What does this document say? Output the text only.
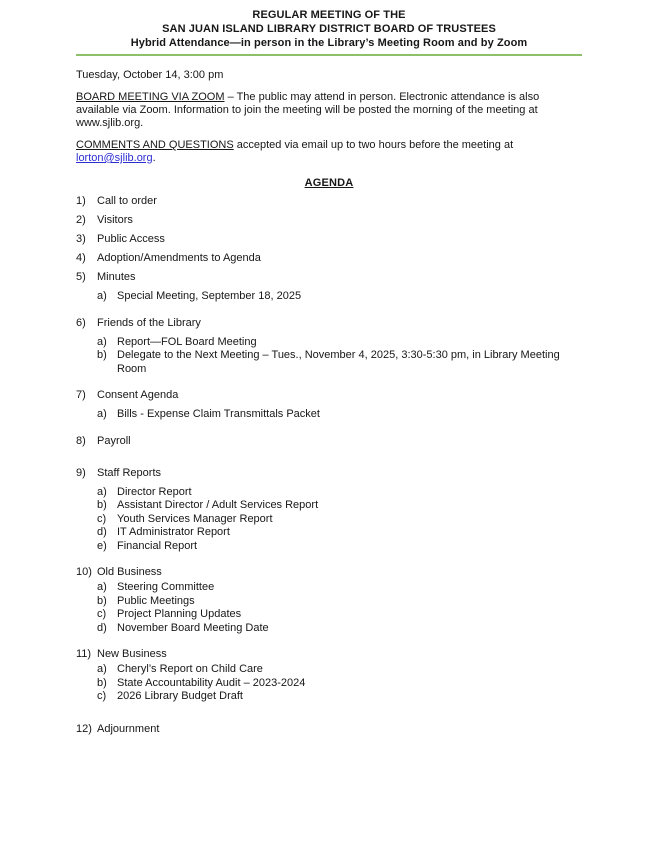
REGULAR MEETING OF THE
SAN JUAN ISLAND LIBRARY DISTRICT BOARD OF TRUSTEES
Hybrid Attendance—in person in the Library’s Meeting Room and by Zoom

Tuesday, October 14, 3:00 pm

BOARD MEETING VIA ZOOM – The public may attend in person. Electronic attendance is also available via Zoom. Information to join the meeting will be posted the morning of the meeting at www.sjlib.org.

COMMENTS AND QUESTIONS accepted via email up to two hours before the meeting at lorton@sjlib.org.

AGENDA

1)	Call to order
2)	Visitors
3)	Public Access
4)	Adoption/Amendments to Agenda
5)	Minutes
a) Special Meeting, September 18, 2025
6)	Friends of the Library
a) Report—FOL Board Meeting
b) Delegate to the Next Meeting – Tues., November 4, 2025, 3:30-5:30 pm, in Library Meeting Room
7)	Consent Agenda
a) Bills - Expense Claim Transmittals Packet
8)	Payroll
9)	Staff Reports
a) Director Report
b) Assistant Director / Adult Services Report
c) Youth Services Manager Report
d) IT Administrator Report
e) Financial Report
10) Old Business
a) Steering Committee
b) Public Meetings
c) Project Planning Updates
d) November Board Meeting Date
11) New Business
a) Cheryl’s Report on Child Care
b) State Accountability Audit – 2023-2024
c) 2026 Library Budget Draft
12) Adjournment
